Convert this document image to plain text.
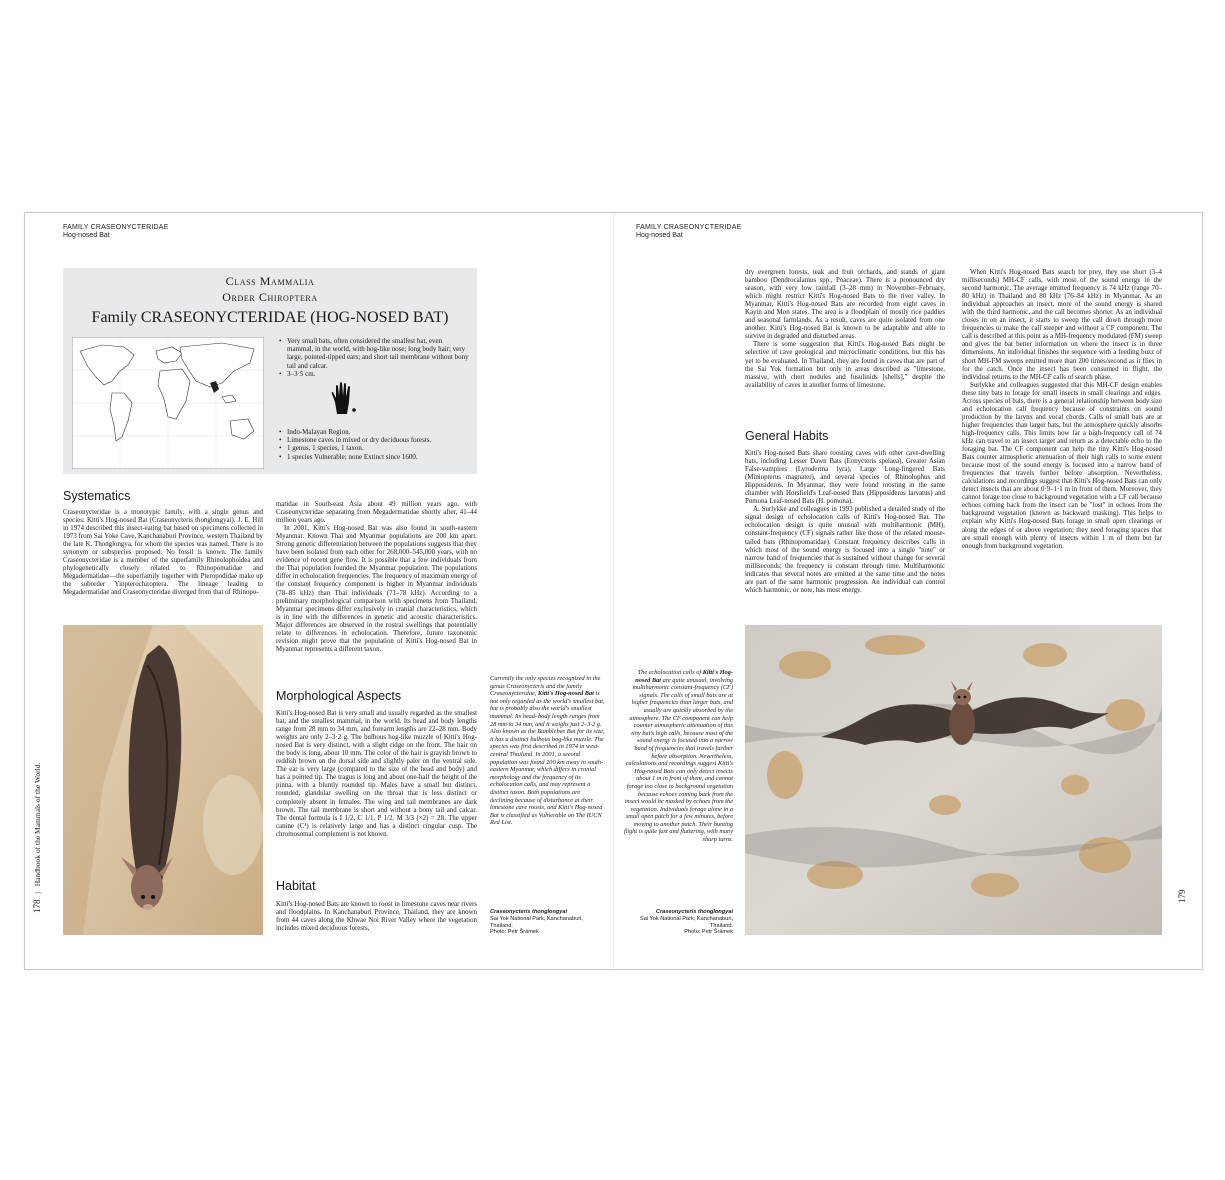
FAMILY CRASEONYCTERIDAE
Hog-nosed Bat
Class Mammalia
Order Chiroptera
Family CRASEONYCTERIDAE (HOG-NOSED BAT)
• Very small bats, often considered the smallest bat, even mammal, in the world, with hog-like nose; long body hair; very large, pointed-tipped ears; and short tail membrane without bony tail and calcar.
• 3–3·5 cm.
• Indo-Malayan Region.
• Limestone caves in mixed or dry deciduous forests.
• 1 genus, 1 species, 1 taxon.
• 1 species Vulnerable; none Extinct since 1600.
Systematics

Craseonycteridae is a monotypic family, with a single genus and species: Kitti's Hog-nosed Bat (Craseonycteris thonglongyai). J. E. Hill in 1974 described this insect-eating bat based on specimens collected in 1973 from Sai Yoke Cave, Kanchanaburi Province, western Thailand by the late K. Thonglongya, for whom the species was named. There is no synonym or subspecies proposed. No fossil is known. The family Craseonycteridae is a member of the superfamily Rhinolophoidea and phylogenetically closely related to Rhinopomatidae and Megadermatidae—the superfamily together with Pteropodidae make up the suborder Yinpterochiroptera. The lineage leading to Megadermatidae and Craseonycteridae diverged from that of Rhinopo-

matidae in South-east Asia about 49 million years ago, with Craseonycteridae separating from Megadermatidae shortly after, 41–44 million years ago.

In 2001, Kitti's Hog-nosed Bat was also found in south-eastern Myanmar. Known Thai and Myanmar populations are 200 km apart. Strong genetic differentiation between the populations suggests that they have been isolated from each other for 268,000–545,000 years, with no evidence of recent gene flow. It is possible that a few individuals from the Thai population founded the Myanmar population. The populations differ in echolocation frequencies. The frequency of maximum energy of the constant frequency component is higher in Myanmar individuals (78–85 kHz) than Thai individuals (71–78 kHz). According to a preliminary morphological comparison with specimens from Thailand, Myanmar specimens differ exclusively in cranial characteristics, which is in line with the differences in genetic and acoustic characteristics. Major differences are observed in the rostral swellings that potentially relate to differences in echolocation. Therefore, future taxonomic revision might prove that the population of Kitti's Hog-nosed Bat in Myanmar represents a different taxon.

Morphological Aspects

Kitti's Hog-nosed Bat is very small and usually regarded as the smallest bat, and the smallest mammal, in the world. Its head and body lengths range from 28 mm to 34 mm, and forearm lengths are 22–28 mm. Body weights are only 2–3·2 g. The bulbous hog-like muzzle of Kitti's Hog-nosed Bat is very distinct, with a slight ridge on the front. The hair on the body is long, about 10 mm. The color of the hair is grayish brown to reddish brown on the dorsal side and slightly paler on the ventral side. The ear is very large (compared to the size of the head and body) and has a pointed tip. The tragus is long and about one-half the height of the pinna, with a bluntly rounded tip. Males have a small but distinct, rounded, glandular swelling on the throat that is less distinct or completely absent in females. The wing and tail membranes are dark brown. The tail membrane is short and without a bony tail and calcar. The dental formula is I 1/2, C 1/1, P 1/2, M 3/3 (×2) = 28. The upper canine (C¹) is relatively large and has a distinct cingular cusp. The chromosomal complement is not known.

Habitat

Kitti's Hog-nosed Bats are known to roost in limestone caves near rivers and floodplains. In Kanchanaburi Province, Thailand, they are known from 44 caves along the Khwae Noi River Valley where the vegetation includes mixed deciduous forests,

Currently the only species recognized in the genus Craseonycteris and the family Craseonycteridae, Kitti's Hog-nosed Bat is not only regarded as the world's smallest bat, but is probably also the world's smallest mammal. Its head–body length ranges from 28 mm to 34 mm, and it weighs just 2–3·2 g. Also known as the Bumblebee Bat for its size, it has a distinct bulbous hog-like muzzle. The species was first described in 1974 in west-central Thailand. In 2001, a second population was found 200 km away in south-eastern Myanmar, which differs in cranial morphology and the frequency of its echolocation calls, and may represent a distinct taxon. Both populations are declining because of disturbance at their limestone cave roosts, and Kitti's Hog-nosed Bat is classified as Vulnerable on The IUCN Red List.
Craseonycteris thonglongyai
Sai Yok National Park, Kanchanaburi,
Thailand.
Photo: Petr Šrámek
178 | Handbook of the Mammals of the World.
FAMILY CRASEONYCTERIDAE
Hog-nosed Bat

dry evergreen forests, teak and fruit orchards, and stands of giant bamboo (Dendrocalamus spp., Poaceae). There is a pronounced dry season, with very low rainfall (3–28 mm) in November–February, which might restrict Kitti's Hog-nosed Bats to the river valley. In Myanmar, Kitti's Hog-nosed Bats are recorded from eight caves in Kayin and Mon states. The area is a floodplain of mostly rice paddies and seasonal farmlands. As a result, caves are quite isolated from one another. Kitti's Hog-nosed Bat is known to be adaptable and able to survive in degraded and disturbed areas.

There is some suggestion that Kitti's Hog-nosed Bats might be selective of cave geological and microclimatic conditions, but this has yet to be evaluated. In Thailand, they are found in caves that are part of the Sai Yok formation but only in areas described as "limestone, massive, with chert nodules and fusulinids [shells]," despite the availability of caves in another forms of limestone.

General Habits

Kitti's Hog-nosed Bats share roosting caves with other cave-dwelling bats, including Lesser Dawn Bats (Eonycteris spelaea), Greater Asian False-vampires (Lyroderma lyra), Large Long-fingered Bats (Miniopterus magnater), and several species of Rhinolophus and Hipposideros. In Myanmar, they were found roosting in the same chamber with Horsfield's Leaf-nosed Bats (Hipposideros larvatus) and Pomona Leaf-nosed Bats (H. pomona).

A. Surlykke and colleagues in 1993 published a detailed study of the signal design of echolocation calls of Kitti's Hog-nosed Bat. The echolocation design is quite unusual with multiharmonic (MH), constant-frequency (CF) signals rather like those of the related mouse-tailed bats (Rhinopomatidae). Constant frequency describes calls in which most of the sound energy is focused into a single "note" or narrow band of frequencies that is sustained without change for several milliseconds; the frequency is constant through time. Multiharmonic indicates that several notes are emitted at the same time and the notes are part of the same harmonic progression. An individual can control which harmonic, or note, has most energy.

When Kitti's Hog-nosed Bats search for prey, they use short (3–4 milliseconds) MH-CF calls, with most of the sound energy in the second harmonic. The average emitted frequency is 74 kHz (range 70–80 kHz) in Thailand and 80 kHz (76–84 kHz) in Myanmar. As an individual approaches an insect, more of the sound energy is shared with the third harmonic, and the call becomes shorter. As an individual closes in on an insect, it starts to sweep the call down through more frequencies to make the call steeper and without a CF component. The call is described at this point as a MH-frequency modulated (FM) sweep and gives the bat better information on where the insect is in three dimensions. An individual finishes the sequence with a feeding buzz of short MH-FM sweeps emitted more than 200 times/second as it flies in for the catch. Once the insect has been consumed in flight, the individual returns to the MH-CF calls of search phase.

Surlykke and colleagues suggested that this MH-CF design enables these tiny bats to forage for small insects in small clearings and edges. Across species of bats, there is a general relationship between body size and echolocation call frequency because of constraints on sound production by the larynx and vocal chords. Calls of small bats are at higher frequencies than larger bats, but the atmosphere quickly absorbs high-frequency calls. This limits how far a high-frequency call of 74 kHz can travel to an insect target and return as a detectable echo to the foraging bat. The CF component can help the tiny Kitti's Hog-nosed Bats counter atmospheric attenuation of their high calls to some extent because most of the sound energy is focused into a narrow band of frequencies that travels further before absorption. Nevertheless, calculations and recordings suggest that Kitti's Hog-nosed Bats can only detect insects that are about 0·9–1·1 m in front of them. Moreover, they cannot forage too close to background vegetation with a CF call because echoes coming back from the insect can be "lost" in echoes from the background vegetation (known as backward masking). This helps to explain why Kitti's Hog-nosed Bats forage in small open clearings or along the edges of or above vegetation; they need foraging spaces that are small enough with plenty of insects within 1 m of them but far enough from background vegetation.

The echolocation calls of Kitti's Hog-nosed Bat are quite unusual, involving multiharmonic constant-frequency (CF) signals. The calls of small bats are at higher frequencies than larger bats, and usually are quickly absorbed by the atmosphere. The CF component can help counter atmospheric attenuation of this tiny bat's high calls, because most of the sound energy is focused into a narrow band of frequencies that travels further before absorption. Nevertheless, calculations and recordings suggest Kitti's Hog-nosed Bats can only detect insects about 1 m in front of them, and cannot forage too close to background vegetation because echoes coming back from the insect would be masked by echoes from the vegetation. Individuals forage alone in a small open patch for a few minutes, before moving to another patch. Their hunting flight is quite fast and fluttering, with many sharp turns.
Craseonycteris thonglongyai
Sai Yok National Park, Kanchanaburi,
Thailand.
Photo: Petr Šrámek
179
